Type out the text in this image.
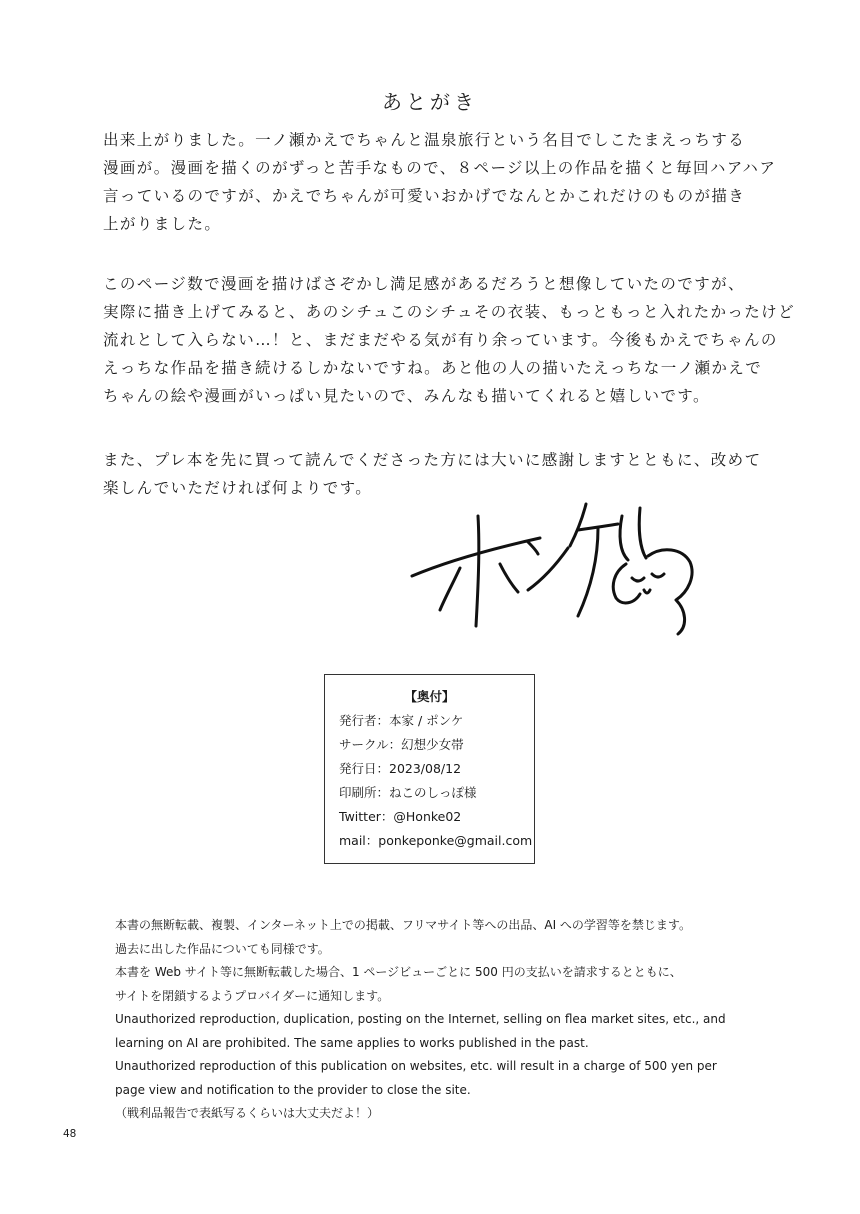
あとがき

出来上がりました。一ノ瀬かえでちゃんと温泉旅行という名目でしこたまえっちする
漫画が。漫画を描くのがずっと苦手なもので、８ページ以上の作品を描くと毎回ハアハア
言っているのですが、かえでちゃんが可愛いおかげでなんとかこれだけのものが描き
上がりました。

このページ数で漫画を描けばさぞかし満足感があるだろうと想像していたのですが、
実際に描き上げてみると、あのシチュこのシチュその衣装、もっともっと入れたかったけど
流れとして入らない…！と、まだまだやる気が有り余っています。今後もかえでちゃんの
えっちな作品を描き続けるしかないですね。あと他の人の描いたえっちな一ノ瀬かえで
ちゃんの絵や漫画がいっぱい見たいので、みんなも描いてくれると嬉しいです。

また、プレ本を先に買って読んでくださった方には大いに感謝しますとともに、改めて
楽しんでいただければ何よりです。

【奥付】
発行者：本家 / ポンケ
サークル：幻想少女帯
発行日：2023/08/12
印刷所：ねこのしっぽ様
Twitter：@Honke02
mail：ponkeponke@gmail.com
本書の無断転載、複製、インターネット上での掲載、フリマサイト等への出品、AI への学習等を禁じます。
過去に出した作品についても同様です。
本書を Web サイト等に無断転載した場合、1 ページビューごとに 500 円の支払いを請求するとともに、
サイトを閉鎖するようプロバイダーに通知します。
Unauthorized reproduction, duplication, posting on the Internet, selling on flea market sites, etc., and
learning on AI are prohibited. The same applies to works published in the past.
Unauthorized reproduction of this publication on websites, etc. will result in a charge of 500 yen per
page view and notification to the provider to close the site.
（戦利品報告で表紙写るくらいは大丈夫だよ！）
48
